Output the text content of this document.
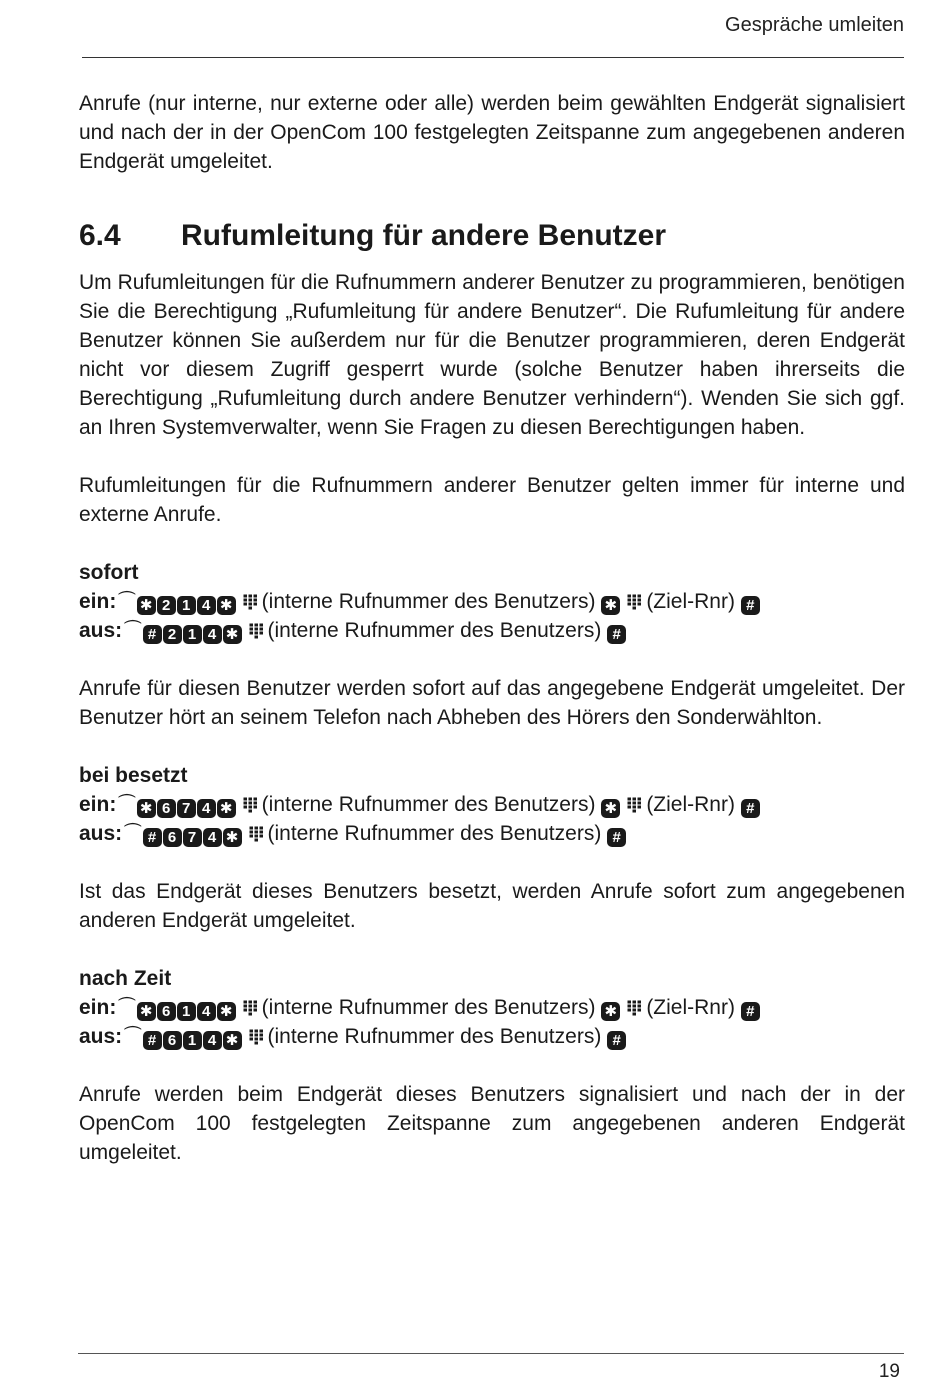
Gespräche umleiten

Anrufe (nur interne, nur externe oder alle) werden beim gewählten Endgerät signalisiert und nach der in der OpenCom 100 festgelegten Zeitspanne zum angegebenen anderen Endgerät umgeleitet.

6.4 Rufumleitung für andere Benutzer

Um Rufumleitungen für die Rufnummern anderer Benutzer zu programmieren, benötigen Sie die Berechtigung „Rufumleitung für andere Benutzer“. Die Rufumleitung für andere Benutzer können Sie außerdem nur für die Benutzer programmieren, deren Endgerät nicht vor diesem Zugriff gesperrt wurde (solche Benutzer haben ihrerseits die Berechtigung „Rufumleitung durch andere Benutzer verhindern“). Wenden Sie sich ggf. an Ihren Systemverwalter, wenn Sie Fragen zu diesen Berechtigungen haben.

Rufumleitungen für die Rufnummern anderer Benutzer gelten immer für interne und externe Anrufe.

sofort
ein: ⏜ ✱ 2 1 4 ✱ (interne Rufnummer des Benutzers) ✱ (Ziel-Rnr) #
aus: ⏜ # 2 1 4 ✱ (interne Rufnummer des Benutzers) #

Anrufe für diesen Benutzer werden sofort auf das angegebene Endgerät umgeleitet. Der Benutzer hört an seinem Telefon nach Abheben des Hörers den Sonderwählton.

bei besetzt
ein: ⏜ ✱ 6 7 4 ✱ (interne Rufnummer des Benutzers) ✱ (Ziel-Rnr) #
aus: ⏜ # 6 7 4 ✱ (interne Rufnummer des Benutzers) #

Ist das Endgerät dieses Benutzers besetzt, werden Anrufe sofort zum angegebenen anderen Endgerät umgeleitet.

nach Zeit
ein: ⏜ ✱ 6 1 4 ✱ (interne Rufnummer des Benutzers) ✱ (Ziel-Rnr) #
aus: ⏜ # 6 1 4 ✱ (interne Rufnummer des Benutzers) #

Anrufe werden beim Endgerät dieses Benutzers signalisiert und nach der in der OpenCom 100 festgelegten Zeitspanne zum angegebenen anderen Endgerät umgeleitet.

19
